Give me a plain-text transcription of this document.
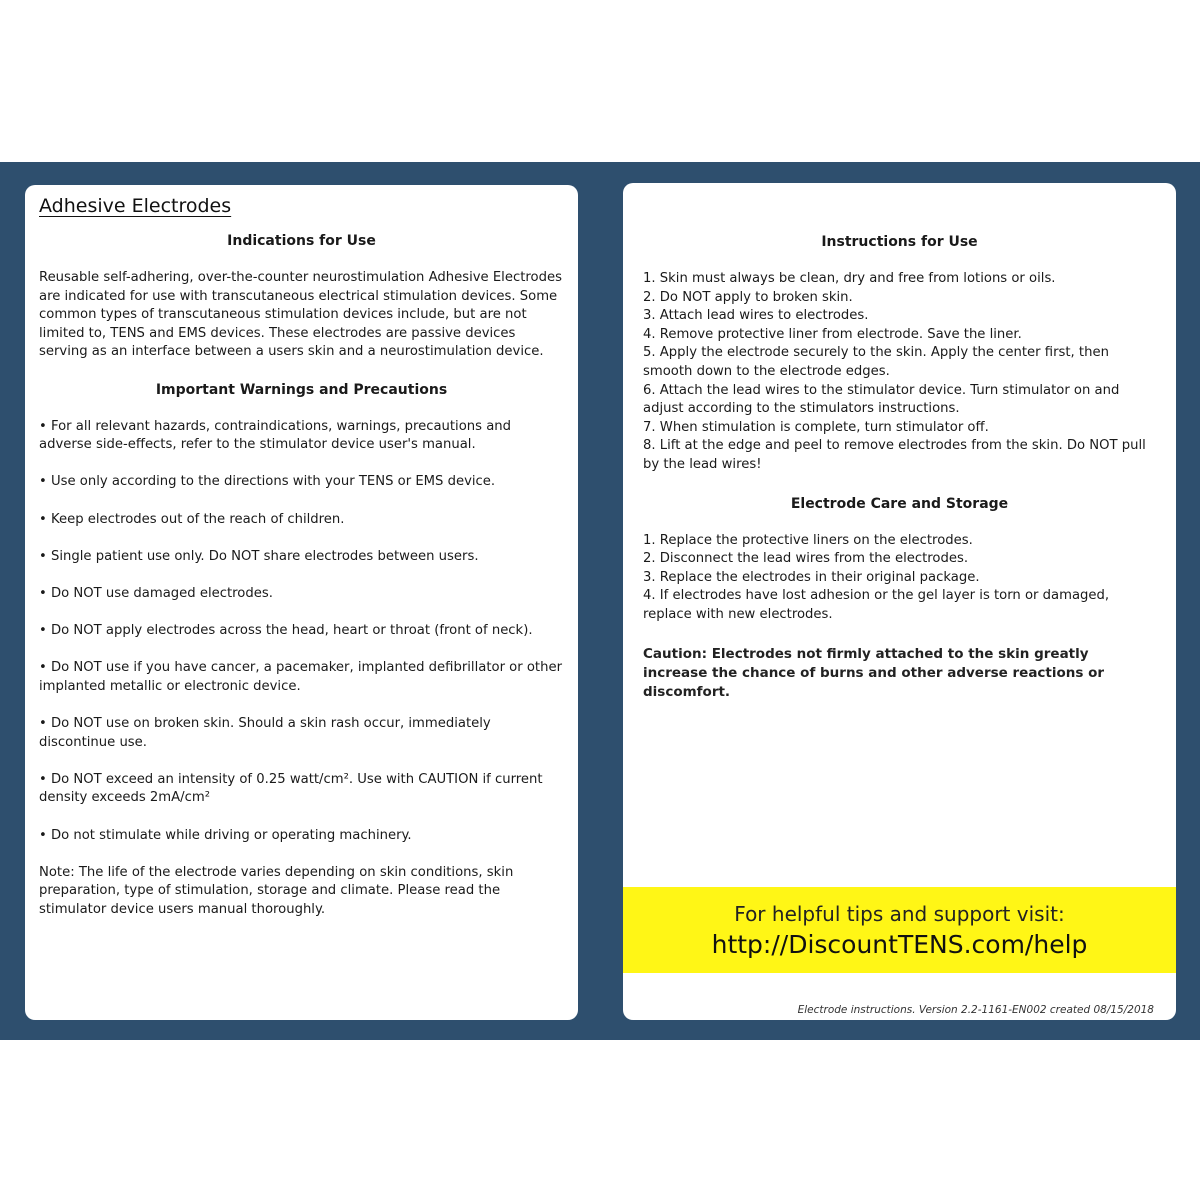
Adhesive Electrodes
Indications for Use
Reusable self-adhering, over-the-counter neurostimulation Adhesive Electrodes are indicated for use with transcutaneous electrical stimulation devices. Some common types of transcutaneous stimulation devices include, but are not limited to, TENS and EMS devices. These electrodes are passive devices serving as an interface between a users skin and a neurostimulation device.
Important Warnings and Precautions
• For all relevant hazards, contraindications, warnings, precautions and adverse side-effects, refer to the stimulator device user's manual.
• Use only according to the directions with your TENS or EMS device.
• Keep electrodes out of the reach of children.
• Single patient use only. Do NOT share electrodes between users.
• Do NOT use damaged electrodes.
• Do NOT apply electrodes across the head, heart or throat (front of neck).
• Do NOT use if you have cancer, a pacemaker, implanted defibrillator or other implanted metallic or electronic device.
• Do NOT use on broken skin. Should a skin rash occur, immediately discontinue use.
• Do NOT exceed an intensity of 0.25 watt/cm². Use with CAUTION if current density exceeds 2mA/cm²
• Do not stimulate while driving or operating machinery.
Note: The life of the electrode varies depending on skin conditions, skin preparation, type of stimulation, storage and climate. Please read the stimulator device users manual thoroughly.
Instructions for Use
1. Skin must always be clean, dry and free from lotions or oils.
2. Do NOT apply to broken skin.
3. Attach lead wires to electrodes.
4. Remove protective liner from electrode. Save the liner.
5. Apply the electrode securely to the skin. Apply the center first, then smooth down to the electrode edges.
6. Attach the lead wires to the stimulator device. Turn stimulator on and adjust according to the stimulators instructions.
7. When stimulation is complete, turn stimulator off.
8. Lift at the edge and peel to remove electrodes from the skin. Do NOT pull by the lead wires!
Electrode Care and Storage
1. Replace the protective liners on the electrodes.
2. Disconnect the lead wires from the electrodes.
3. Replace the electrodes in their original package.
4. If electrodes have lost adhesion or the gel layer is torn or damaged, replace with new electrodes.
Caution: Electrodes not firmly attached to the skin greatly increase the chance of burns and other adverse reactions or discomfort.
For helpful tips and support visit:
http://DiscountTENS.com/help
Electrode instructions. Version 2.2-1161-EN002 created 08/15/2018
